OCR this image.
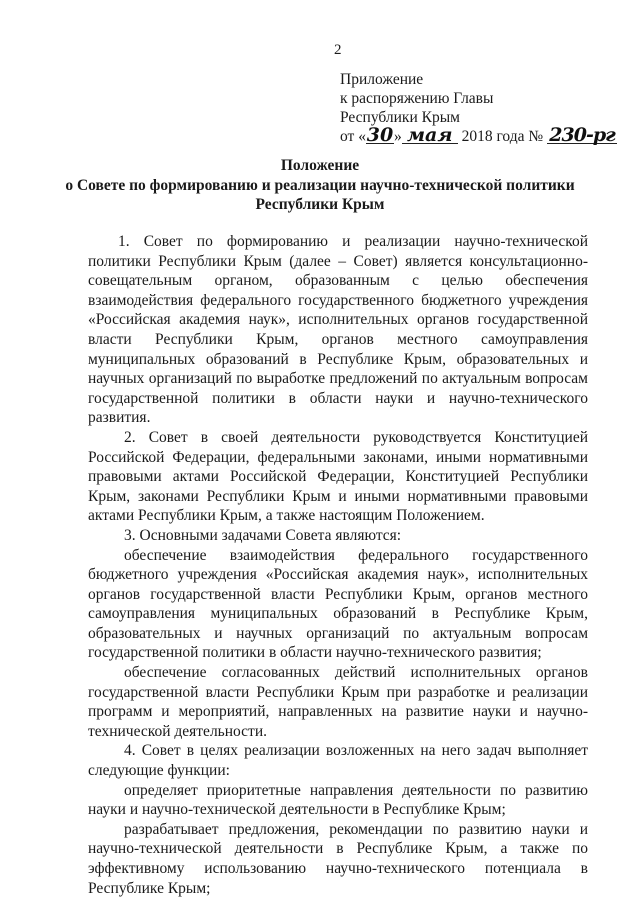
2
Приложение
к распоряжению Главы
Республики Крым
от «30» мая 2018 года № 230-рг
Положение
о Совете по формированию и реализации научно-технической политики
Республики Крым

1. Совет по формированию и реализации научно-технической политики Республики Крым (далее – Совет) является консультационно-совещательным органом, образованным с целью обеспечения взаимодействия федерального государственного бюджетного учреждения «Российская академия наук», исполнительных органов государственной власти Республики Крым, органов местного самоуправления муниципальных образований в Республике Крым, образовательных и научных организаций по выработке предложений по актуальным вопросам государственной политики в области науки и научно-технического развития.

2. Совет в своей деятельности руководствуется Конституцией Российской Федерации, федеральными законами, иными нормативными правовыми актами Российской Федерации, Конституцией Республики Крым, законами Республики Крым и иными нормативными правовыми актами Республики Крым, а также настоящим Положением.

3. Основными задачами Совета являются:

обеспечение взаимодействия федерального государственного бюджетного учреждения «Российская академия наук», исполнительных органов государственной власти Республики Крым, органов местного самоуправления муниципальных образований в Республике Крым, образовательных и научных организаций по актуальным вопросам государственной политики в области научно-технического развития;

обеспечение согласованных действий исполнительных органов государственной власти Республики Крым при разработке и реализации программ и мероприятий, направленных на развитие науки и научно-технической деятельности.

4. Совет в целях реализации возложенных на него задач выполняет следующие функции:

определяет приоритетные направления деятельности по развитию науки и научно-технической деятельности в Республике Крым;

разрабатывает предложения, рекомендации по развитию науки и научно-технической деятельности в Республике Крым, а также по эффективному использованию научно-технического потенциала в Республике Крым;
